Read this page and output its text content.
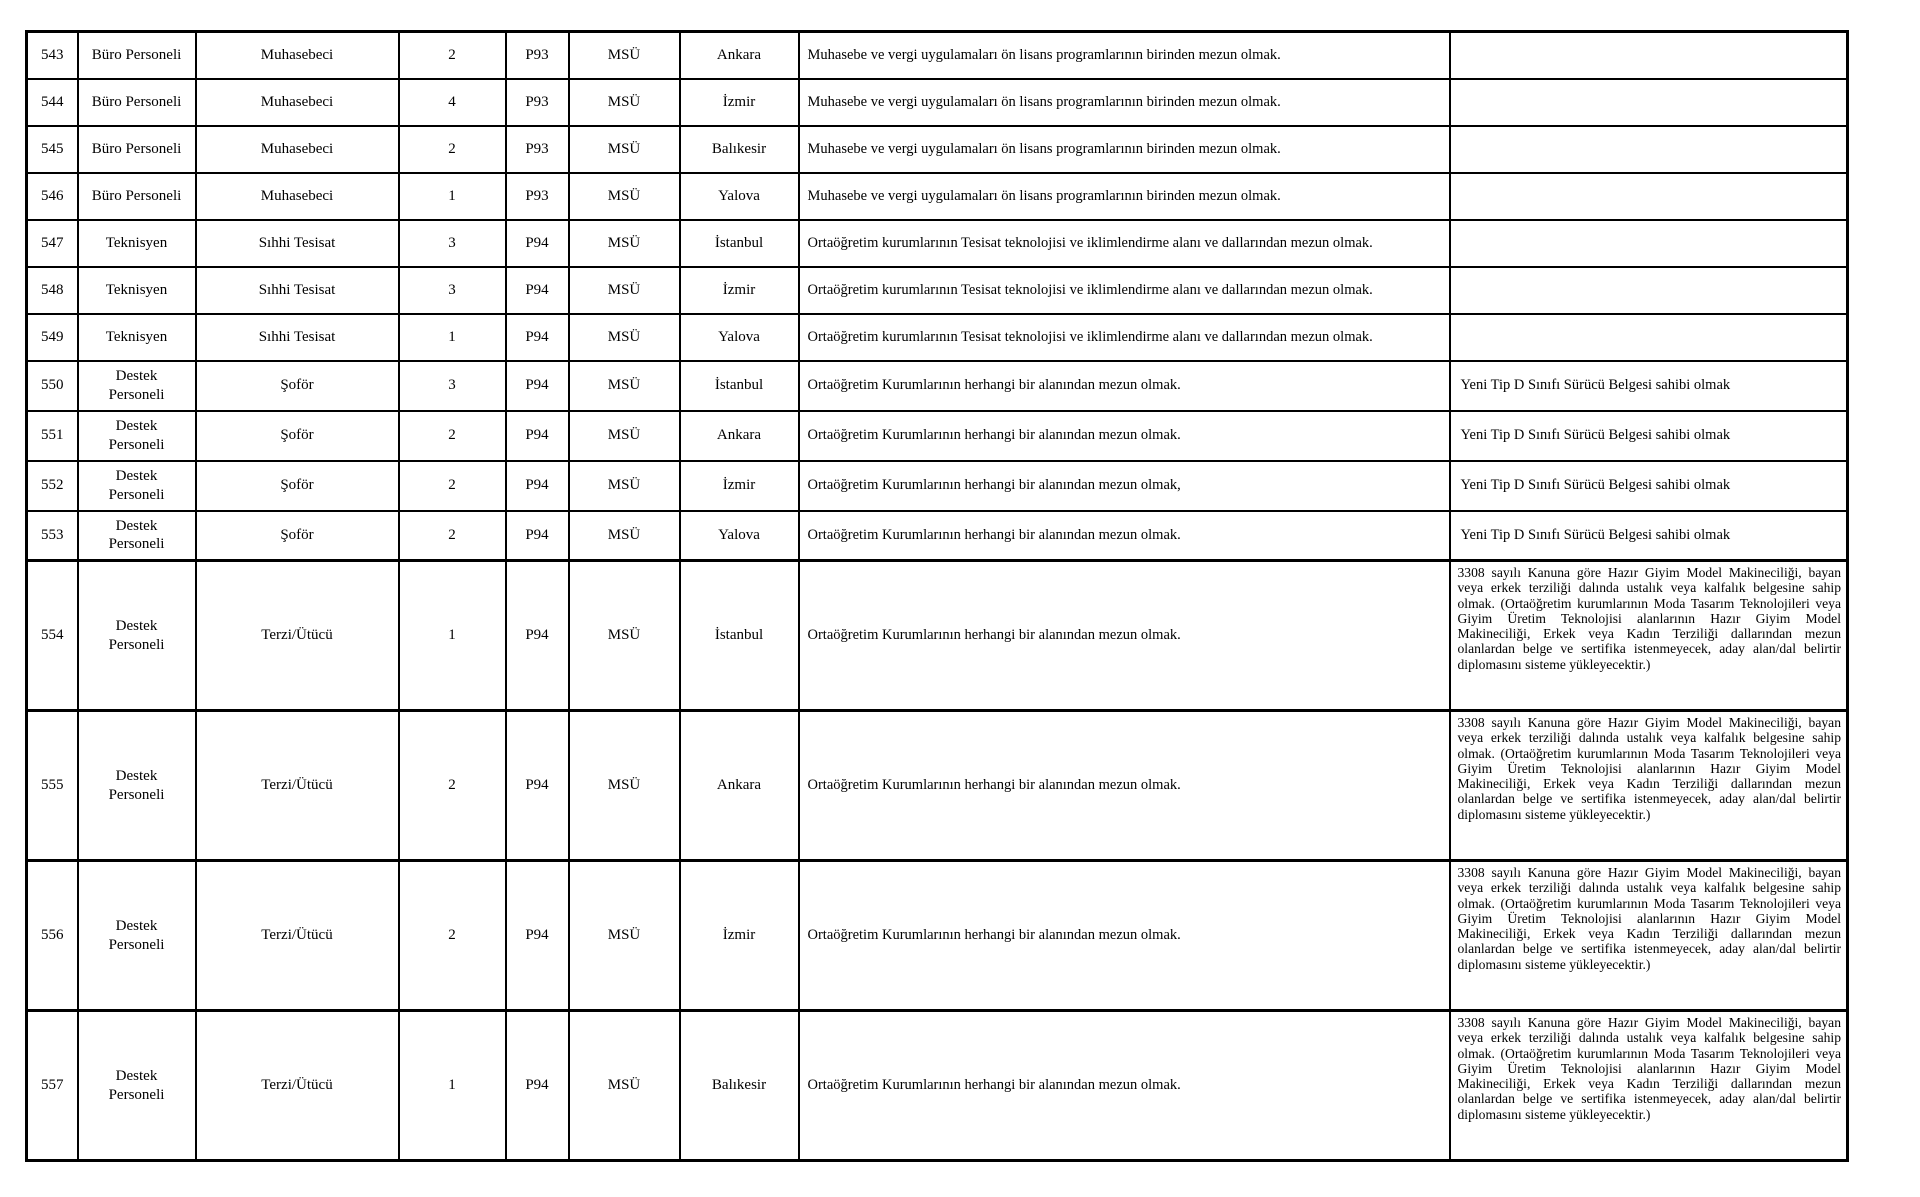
543	Büro Personeli	Muhasebeci	2	P93	MSÜ	Ankara	Muhasebe ve vergi uygulamaları ön lisans programlarının birinden mezun olmak.	
544	Büro Personeli	Muhasebeci	4	P93	MSÜ	İzmir	Muhasebe ve vergi uygulamaları ön lisans programlarının birinden mezun olmak.	
545	Büro Personeli	Muhasebeci	2	P93	MSÜ	Balıkesir	Muhasebe ve vergi uygulamaları ön lisans programlarının birinden mezun olmak.	
546	Büro Personeli	Muhasebeci	1	P93	MSÜ	Yalova	Muhasebe ve vergi uygulamaları ön lisans programlarının birinden mezun olmak.	
547	Teknisyen	Sıhhi Tesisat	3	P94	MSÜ	İstanbul	Ortaöğretim kurumlarının Tesisat teknolojisi ve iklimlendirme alanı ve dallarından mezun olmak.	
548	Teknisyen	Sıhhi Tesisat	3	P94	MSÜ	İzmir	Ortaöğretim kurumlarının Tesisat teknolojisi ve iklimlendirme alanı ve dallarından mezun olmak.	
549	Teknisyen	Sıhhi Tesisat	1	P94	MSÜ	Yalova	Ortaöğretim kurumlarının Tesisat teknolojisi ve iklimlendirme alanı ve dallarından mezun olmak.	
550	Destek Personeli	Şoför	3	P94	MSÜ	İstanbul	Ortaöğretim Kurumlarının herhangi bir alanından mezun olmak.	Yeni Tip D Sınıfı Sürücü Belgesi sahibi olmak
551	Destek Personeli	Şoför	2	P94	MSÜ	Ankara	Ortaöğretim Kurumlarının herhangi bir alanından mezun olmak.	Yeni Tip D Sınıfı Sürücü Belgesi sahibi olmak
552	Destek Personeli	Şoför	2	P94	MSÜ	İzmir	Ortaöğretim Kurumlarının herhangi bir alanından mezun olmak,	Yeni Tip D Sınıfı Sürücü Belgesi sahibi olmak
553	Destek Personeli	Şoför	2	P94	MSÜ	Yalova	Ortaöğretim Kurumlarının herhangi bir alanından mezun olmak.	Yeni Tip D Sınıfı Sürücü Belgesi sahibi olmak
554	Destek Personeli	Terzi/Ütücü	1	P94	MSÜ	İstanbul	Ortaöğretim Kurumlarının herhangi bir alanından mezun olmak.	3308 sayılı Kanuna göre Hazır Giyim Model Makineciliği, bayan veya erkek terziliği dalında ustalık veya kalfalık belgesine sahip olmak. (Ortaöğretim kurumlarının Moda Tasarım Teknolojileri veya Giyim Üretim Teknolojisi alanlarının Hazır Giyim Model Makineciliği, Erkek veya Kadın Terziliği dallarından mezun olanlardan belge ve sertifika istenmeyecek, aday alan/dal belirtir diplomasını sisteme yükleyecektir.)
555	Destek Personeli	Terzi/Ütücü	2	P94	MSÜ	Ankara	Ortaöğretim Kurumlarının herhangi bir alanından mezun olmak.	3308 sayılı Kanuna göre Hazır Giyim Model Makineciliği, bayan veya erkek terziliği dalında ustalık veya kalfalık belgesine sahip olmak. (Ortaöğretim kurumlarının Moda Tasarım Teknolojileri veya Giyim Üretim Teknolojisi alanlarının Hazır Giyim Model Makineciliği, Erkek veya Kadın Terziliği dallarından mezun olanlardan belge ve sertifika istenmeyecek, aday alan/dal belirtir diplomasını sisteme yükleyecektir.)
556	Destek Personeli	Terzi/Ütücü	2	P94	MSÜ	İzmir	Ortaöğretim Kurumlarının herhangi bir alanından mezun olmak.	3308 sayılı Kanuna göre Hazır Giyim Model Makineciliği, bayan veya erkek terziliği dalında ustalık veya kalfalık belgesine sahip olmak. (Ortaöğretim kurumlarının Moda Tasarım Teknolojileri veya Giyim Üretim Teknolojisi alanlarının Hazır Giyim Model Makineciliği, Erkek veya Kadın Terziliği dallarından mezun olanlardan belge ve sertifika istenmeyecek, aday alan/dal belirtir diplomasını sisteme yükleyecektir.)
557	Destek Personeli	Terzi/Ütücü	1	P94	MSÜ	Balıkesir	Ortaöğretim Kurumlarının herhangi bir alanından mezun olmak.	3308 sayılı Kanuna göre Hazır Giyim Model Makineciliği, bayan veya erkek terziliği dalında ustalık veya kalfalık belgesine sahip olmak. (Ortaöğretim kurumlarının Moda Tasarım Teknolojileri veya Giyim Üretim Teknolojisi alanlarının Hazır Giyim Model Makineciliği, Erkek veya Kadın Terziliği dallarından mezun olanlardan belge ve sertifika istenmeyecek, aday alan/dal belirtir diplomasını sisteme yükleyecektir.)
